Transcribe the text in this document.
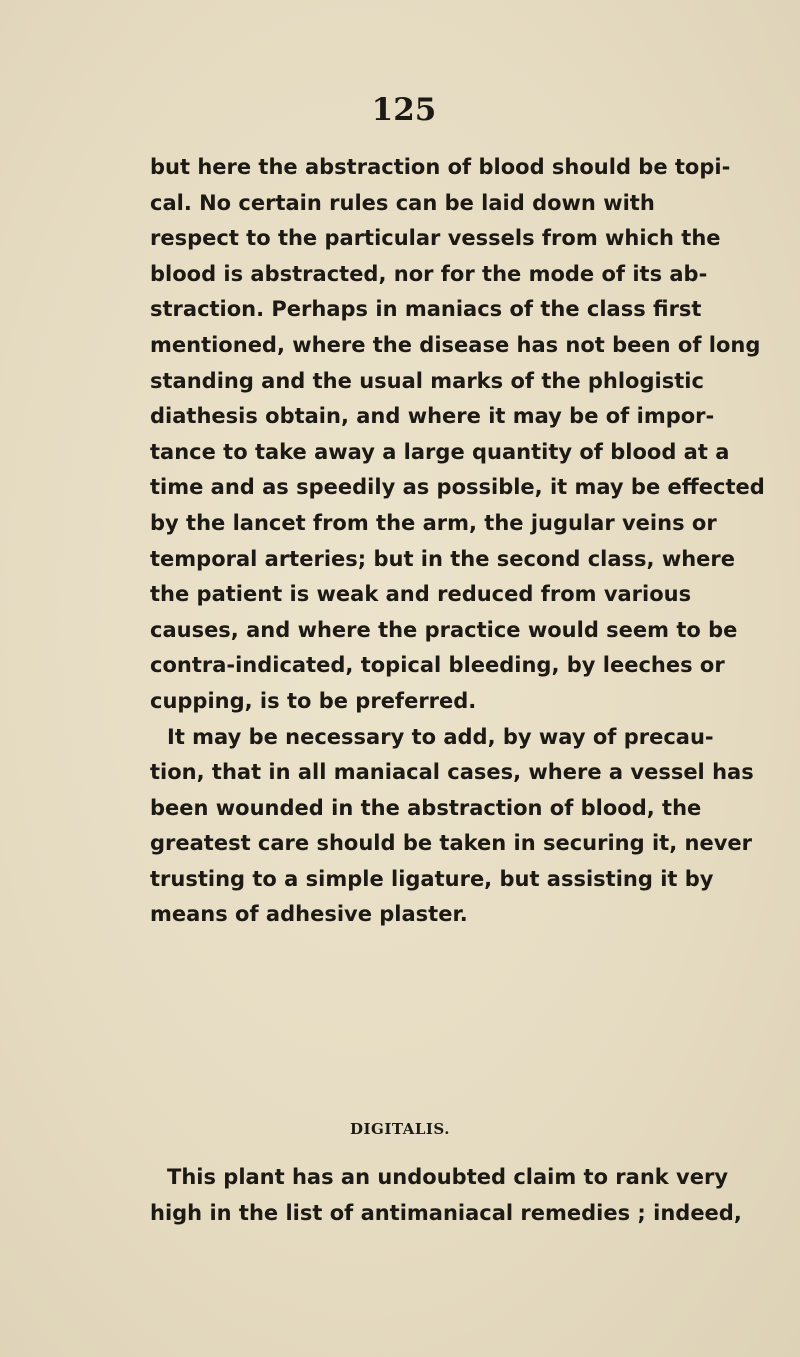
125
but here the abstraction of blood should be topi-
cal. No certain rules can be laid down with
respect to the particular vessels from which the
blood is abstracted, nor for the mode of its ab-
straction. Perhaps in maniacs of the class first
mentioned, where the disease has not been of long
standing and the usual marks of the phlogistic
diathesis obtain, and where it may be of impor-
tance to take away a large quantity of blood at a
time and as speedily as possible, it may be effected
by the lancet from the arm, the jugular veins or
temporal arteries; but in the second class, where
the patient is weak and reduced from various
causes, and where the practice would seem to be
contra-indicated, topical bleeding, by leeches or
cupping, is to be preferred.
It may be necessary to add, by way of precau-
tion, that in all maniacal cases, where a vessel has
been wounded in the abstraction of blood, the
greatest care should be taken in securing it, never
trusting to a simple ligature, but assisting it by
means of adhesive plaster.
DIGITALIS.
This plant has an undoubted claim to rank very
high in the list of antimaniacal remedies ; indeed,
